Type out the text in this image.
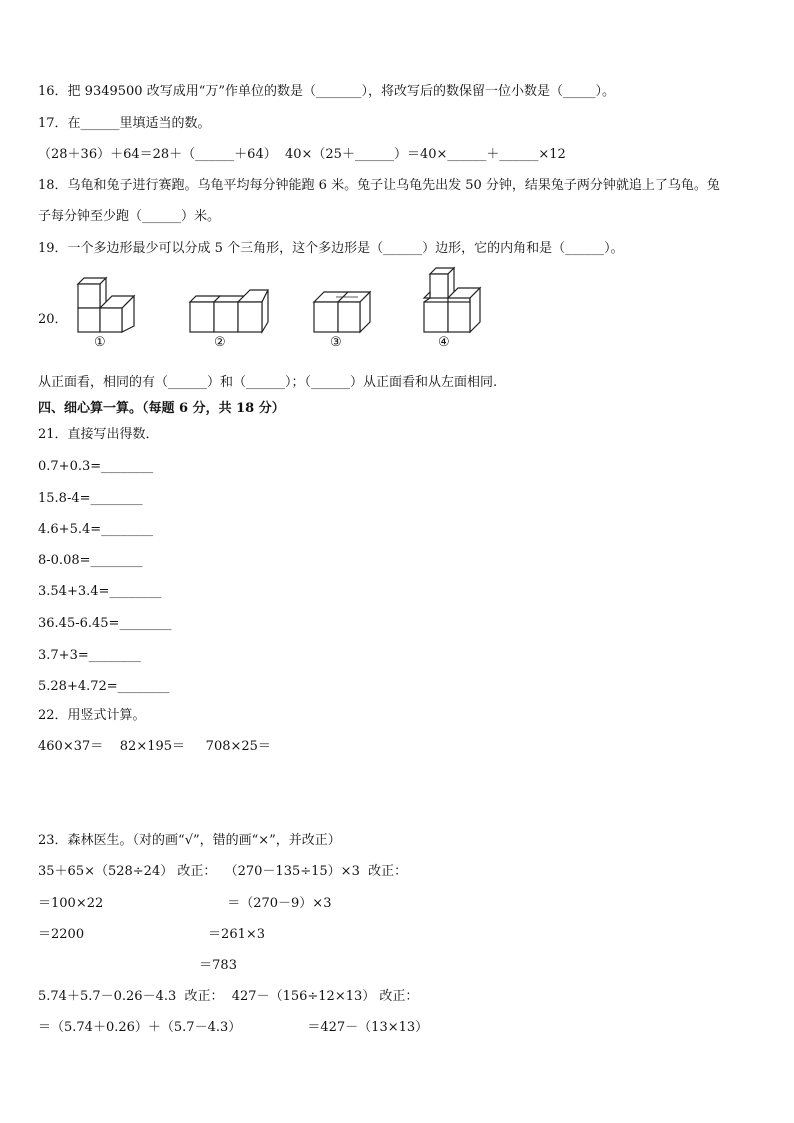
16．把 9349500 改写成用“万”作单位的数是（_______），将改写后的数保留一位小数是（_____）。
17．在______里填适当的数。
（28＋36）＋64＝28＋（______＋64）  40×（25＋______）＝40×______＋______×12
18．乌龟和兔子进行赛跑。乌龟平均每分钟能跑 6 米。兔子让乌龟先出发 50 分钟，结果兔子两分钟就追上了乌龟。兔
子每分钟至少跑（______）米。
19．一个多边形最少可以分成 5 个三角形，这个多边形是（______）边形，它的内角和是（______）。
20．
①	②	③	④
从正面看，相同的有（______）和（______）；（______）从正面看和从左面相同.
四、细心算一算。（每题 6 分，共 18 分）
21．直接写出得数．
0.7+0.3=________
15.8-4=________
4.6+5.4=________
8-0.08=________
3.54+3.4=________
36.45-6.45=________
3.7+3=________
5.28+4.72=________
22．用竖式计算。
460×37＝    82×195＝     708×25＝
23．森林医生。（对的画“√”，错的画“×”，并改正）
35＋65×（528÷24） 改正：  （270－135÷15）×3  改正：
＝100×22                              ＝（270－9）×3
＝2200                              ＝261×3
＝783
5.74＋5.7－0.26－4.3  改正：  427－（156÷12×13） 改正：
＝（5.74＋0.26）＋（5.7－4.3）                ＝427－（13×13）
